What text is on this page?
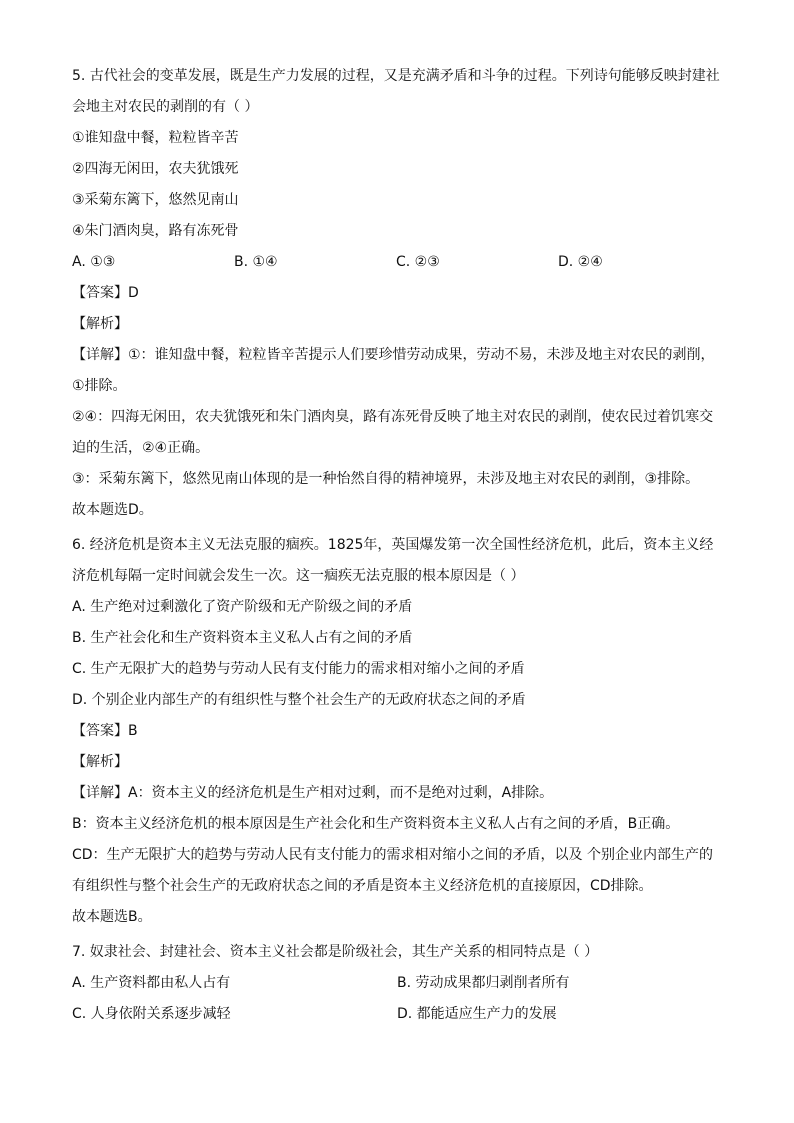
5. 古代社会的变革发展，既是生产力发展的过程，又是充满矛盾和斗争的过程。下列诗句能够反映封建社
会地主对农民的剥削的有（ ）
①谁知盘中餐，粒粒皆辛苦
②四海无闲田，农夫犹饿死
③采菊东篱下，悠然见南山
④朱门酒肉臭，路有冻死骨
A. ①③	B. ①④	C. ②③	D. ②④
【答案】D
【解析】
【详解】①：谁知盘中餐，粒粒皆辛苦提示人们要珍惜劳动成果，劳动不易，未涉及地主对农民的剥削，
①排除。
②④：四海无闲田，农夫犹饿死和朱门酒肉臭，路有冻死骨反映了地主对农民的剥削，使农民过着饥寒交
迫的生活，②④正确。
③：采菊东篱下，悠然见南山体现的是一种怡然自得的精神境界，未涉及地主对农民的剥削，③排除。
故本题选D。
6. 经济危机是资本主义无法克服的痼疾。1825年，英国爆发第一次全国性经济危机，此后，资本主义经
济危机每隔一定时间就会发生一次。这一痼疾无法克服的根本原因是（ ）
A. 生产绝对过剩激化了资产阶级和无产阶级之间的矛盾
B. 生产社会化和生产资料资本主义私人占有之间的矛盾
C. 生产无限扩大的趋势与劳动人民有支付能力的需求相对缩小之间的矛盾
D. 个别企业内部生产的有组织性与整个社会生产的无政府状态之间的矛盾
【答案】B
【解析】
【详解】A：资本主义的经济危机是生产相对过剩，而不是绝对过剩，A排除。
B：资本主义经济危机的根本原因是生产社会化和生产资料资本主义私人占有之间的矛盾，B正确。
CD：生产无限扩大的趋势与劳动人民有支付能力的需求相对缩小之间的矛盾，以及 个别企业内部生产的
有组织性与整个社会生产的无政府状态之间的矛盾是资本主义经济危机的直接原因，CD排除。
故本题选B。
7. 奴隶社会、封建社会、资本主义社会都是阶级社会，其生产关系的相同特点是（ ）
A. 生产资料都由私人占有	B. 劳动成果都归剥削者所有
C. 人身依附关系逐步减轻	D. 都能适应生产力的发展
